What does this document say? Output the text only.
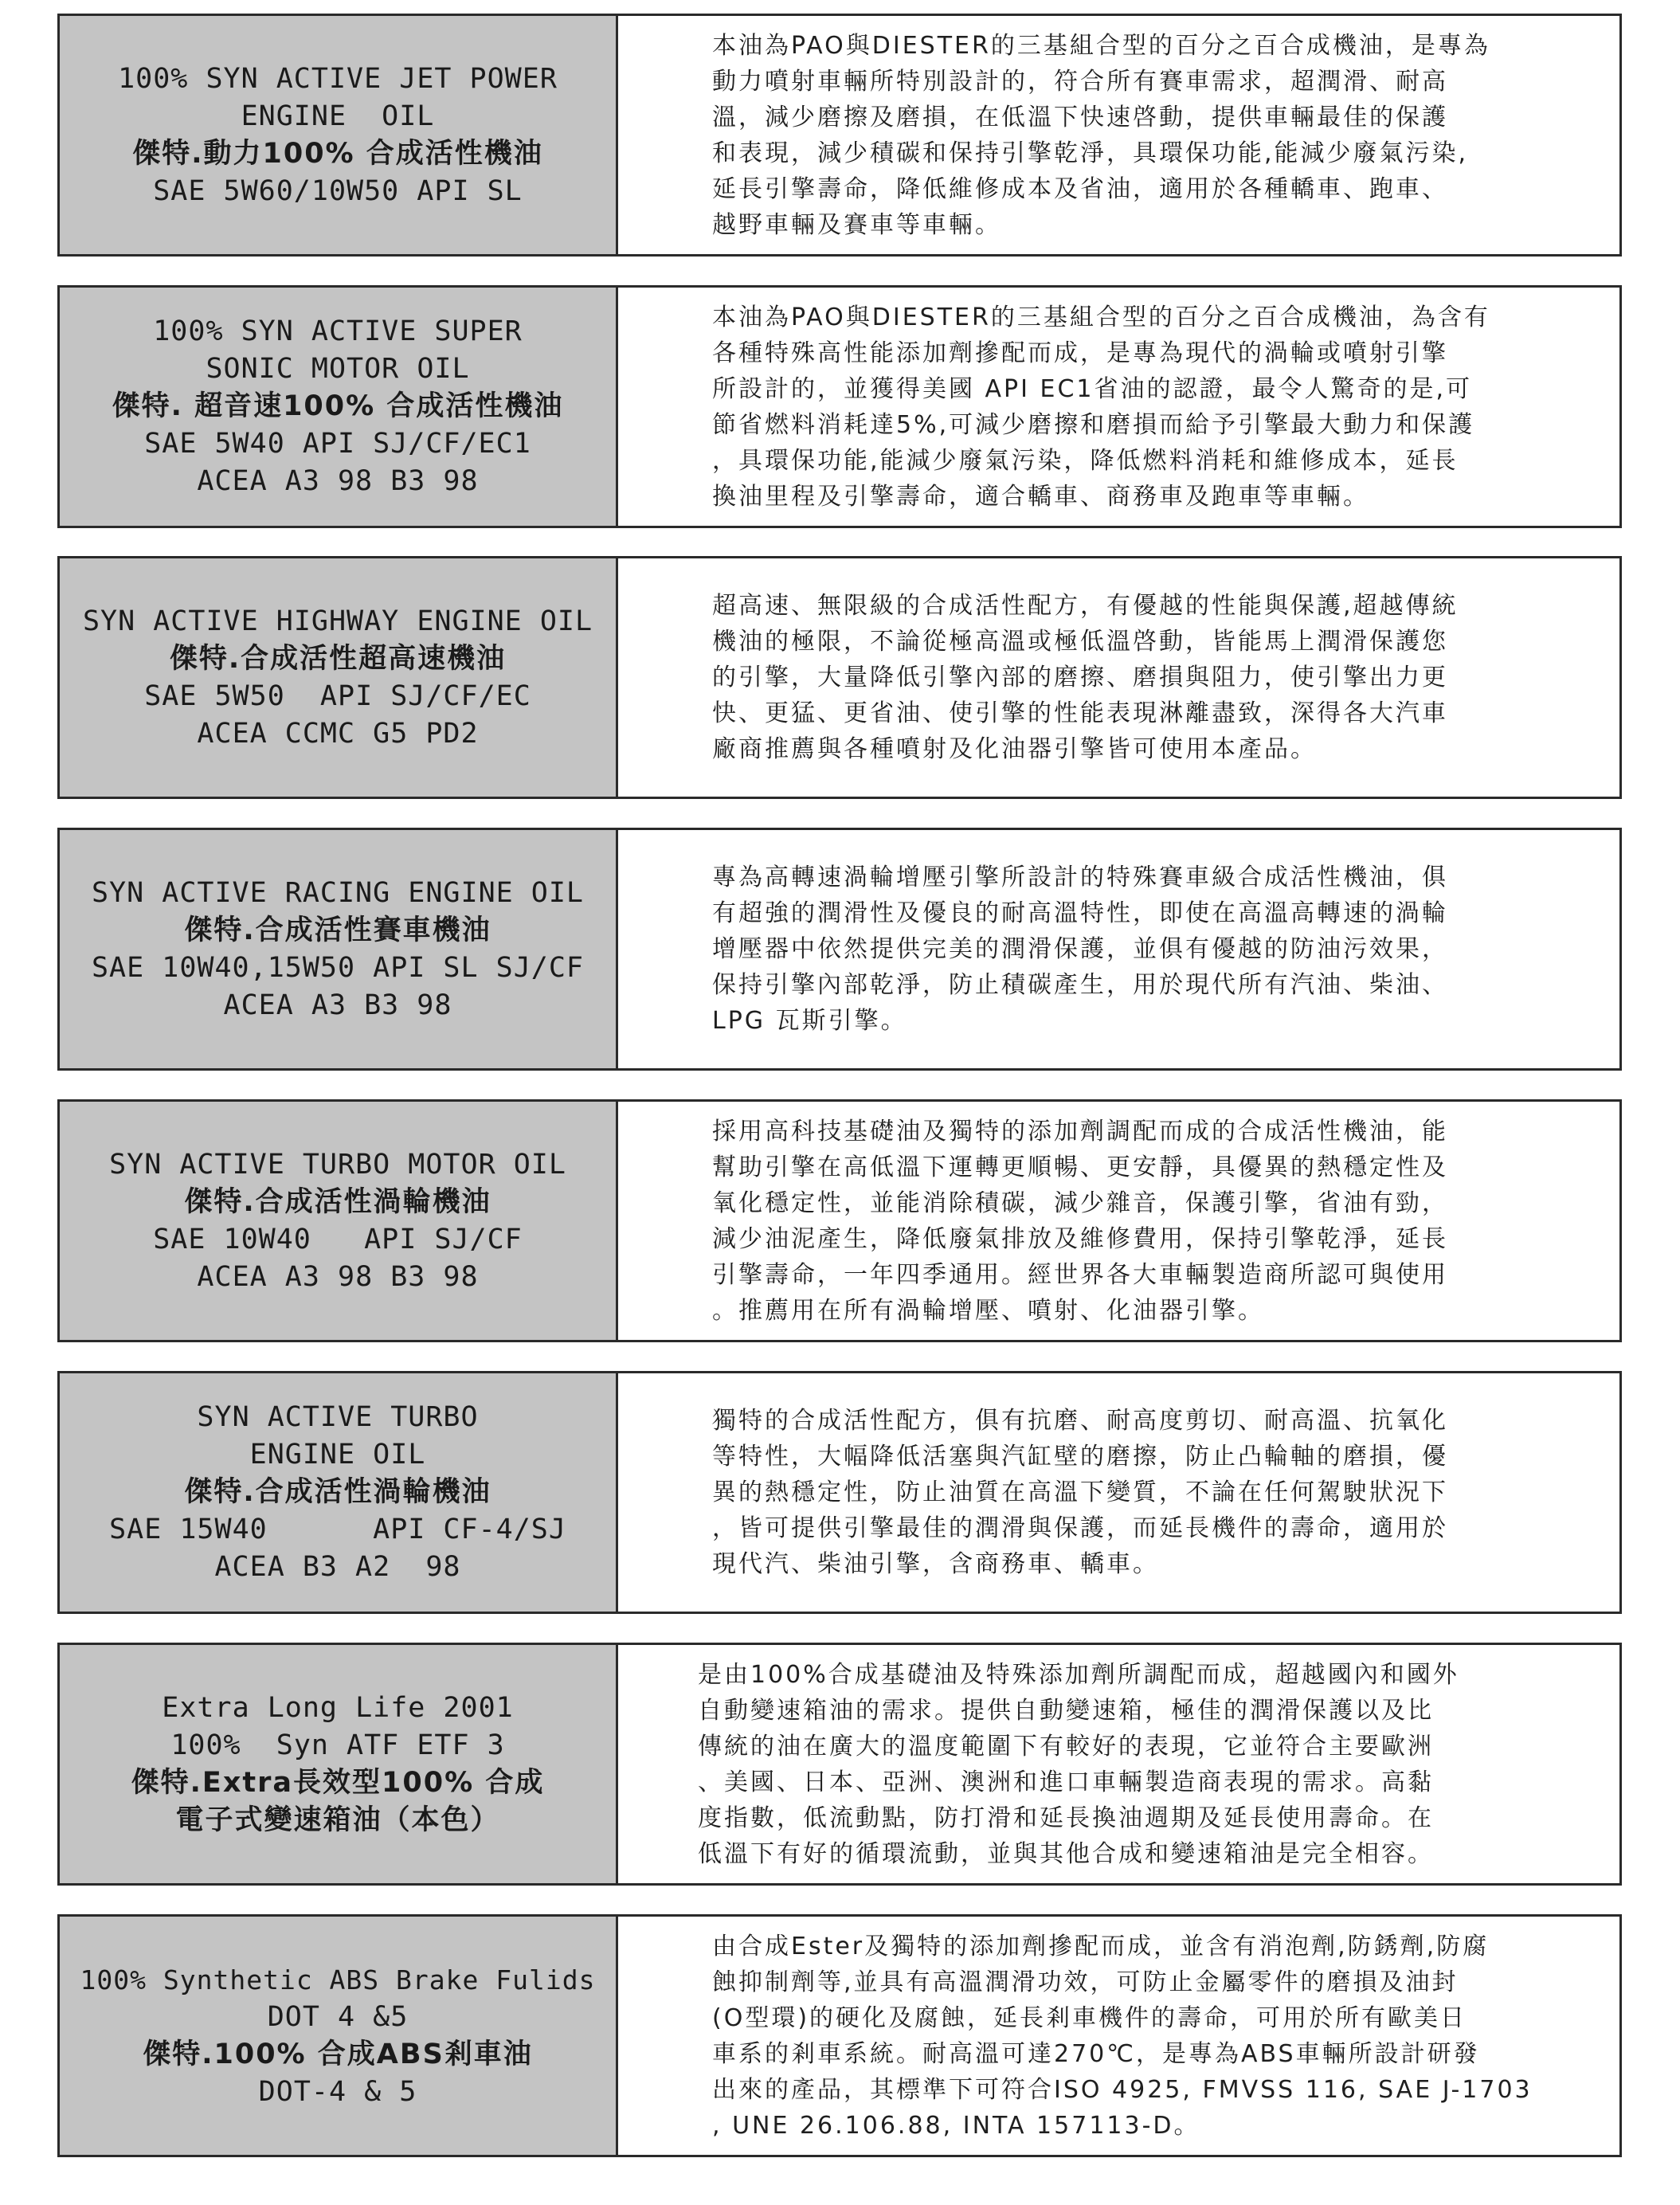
100% SYN ACTIVE JET POWER
ENGINE  OIL
傑特.動力100% 合成活性機油
SAE 5W60/10W50 API SL
本油為PAO與DIESTER的三基組合型的百分之百合成機油，是專為
動力噴射車輛所特別設計的，符合所有賽車需求，超潤滑、耐高
溫，減少磨擦及磨損，在低溫下快速啓動，提供車輛最佳的保護
和表現，減少積碳和保持引擎乾淨，具環保功能,能減少廢氣污染,
延長引擎壽命，降低維修成本及省油，適用於各種轎車、跑車、
越野車輛及賽車等車輛。
100% SYN ACTIVE SUPER
SONIC MOTOR OIL
傑特. 超音速100% 合成活性機油
SAE 5W40 API SJ/CF/EC1
ACEA A3 98 B3 98
本油為PAO與DIESTER的三基組合型的百分之百合成機油，為含有
各種特殊高性能添加劑摻配而成，是專為現代的渦輪或噴射引擎
所設計的，並獲得美國 API EC1省油的認證，最令人驚奇的是,可
節省燃料消耗達5%,可減少磨擦和磨損而給予引擎最大動力和保護
，具環保功能,能減少廢氣污染，降低燃料消耗和維修成本，延長
換油里程及引擎壽命，適合轎車、商務車及跑車等車輛。
SYN ACTIVE HIGHWAY ENGINE OIL
傑特.合成活性超高速機油
SAE 5W50  API SJ/CF/EC
ACEA CCMC G5 PD2
超高速、無限級的合成活性配方，有優越的性能與保護,超越傳統
機油的極限，不論從極高溫或極低溫啓動，皆能馬上潤滑保護您
的引擎，大量降低引擎內部的磨擦、磨損與阻力，使引擎出力更
快、更猛、更省油、使引擎的性能表現淋離盡致，深得各大汽車
廠商推薦與各種噴射及化油器引擎皆可使用本產品。
SYN ACTIVE RACING ENGINE OIL
傑特.合成活性賽車機油
SAE 10W40,15W50 API SL SJ/CF
ACEA A3 B3 98
專為高轉速渦輪增壓引擎所設計的特殊賽車級合成活性機油，俱
有超強的潤滑性及優良的耐高溫特性，即使在高溫高轉速的渦輪
增壓器中依然提供完美的潤滑保護，並俱有優越的防油污效果，
保持引擎內部乾淨，防止積碳產生，用於現代所有汽油、柴油、
LPG 瓦斯引擎。
SYN ACTIVE TURBO MOTOR OIL
傑特.合成活性渦輪機油
SAE 10W40   API SJ/CF
ACEA A3 98 B3 98
採用高科技基礎油及獨特的添加劑調配而成的合成活性機油，能
幫助引擎在高低溫下運轉更順暢、更安靜，具優異的熱穩定性及
氧化穩定性，並能消除積碳，減少雜音，保護引擎，省油有勁，
減少油泥產生，降低廢氣排放及維修費用，保持引擎乾淨，延長
引擎壽命，一年四季通用。經世界各大車輛製造商所認可與使用
。推薦用在所有渦輪增壓、噴射、化油器引擎。
SYN ACTIVE TURBO
ENGINE OIL
傑特.合成活性渦輪機油
SAE 15W40      API CF-4/SJ
ACEA B3 A2  98
獨特的合成活性配方，俱有抗磨、耐高度剪切、耐高溫、抗氧化
等特性，大幅降低活塞與汽缸壁的磨擦，防止凸輪軸的磨損，優
異的熱穩定性，防止油質在高溫下變質，不論在任何駕駛狀況下
，皆可提供引擎最佳的潤滑與保護，而延長機件的壽命，適用於
現代汽、柴油引擎，含商務車、轎車。
Extra Long Life 2001
100%  Syn ATF ETF 3
傑特.Extra長效型100% 合成
電子式變速箱油（本色）
是由100%合成基礎油及特殊添加劑所調配而成，超越國內和國外
自動變速箱油的需求。提供自動變速箱，極佳的潤滑保護以及比
傳統的油在廣大的溫度範圍下有較好的表現，它並符合主要歐洲
、美國、日本、亞洲、澳洲和進口車輛製造商表現的需求。高黏
度指數，低流動點，防打滑和延長換油週期及延長使用壽命。在
低溫下有好的循環流動，並與其他合成和變速箱油是完全相容。
100% Synthetic ABS Brake Fulids
DOT 4 &5
傑特.100% 合成ABS剎車油
DOT-4 & 5
由合成Ester及獨特的添加劑摻配而成，並含有消泡劑,防銹劑,防腐
蝕抑制劑等,並具有高溫潤滑功效，可防止金屬零件的磨損及油封
(O型環)的硬化及腐蝕，延長剎車機件的壽命，可用於所有歐美日
車系的剎車系統。耐高溫可達270℃，是專為ABS車輛所設計研發
出來的產品，其標準下可符合ISO 4925, FMVSS 116, SAE J-1703
, UNE 26.106.88, INTA 157113-D。
